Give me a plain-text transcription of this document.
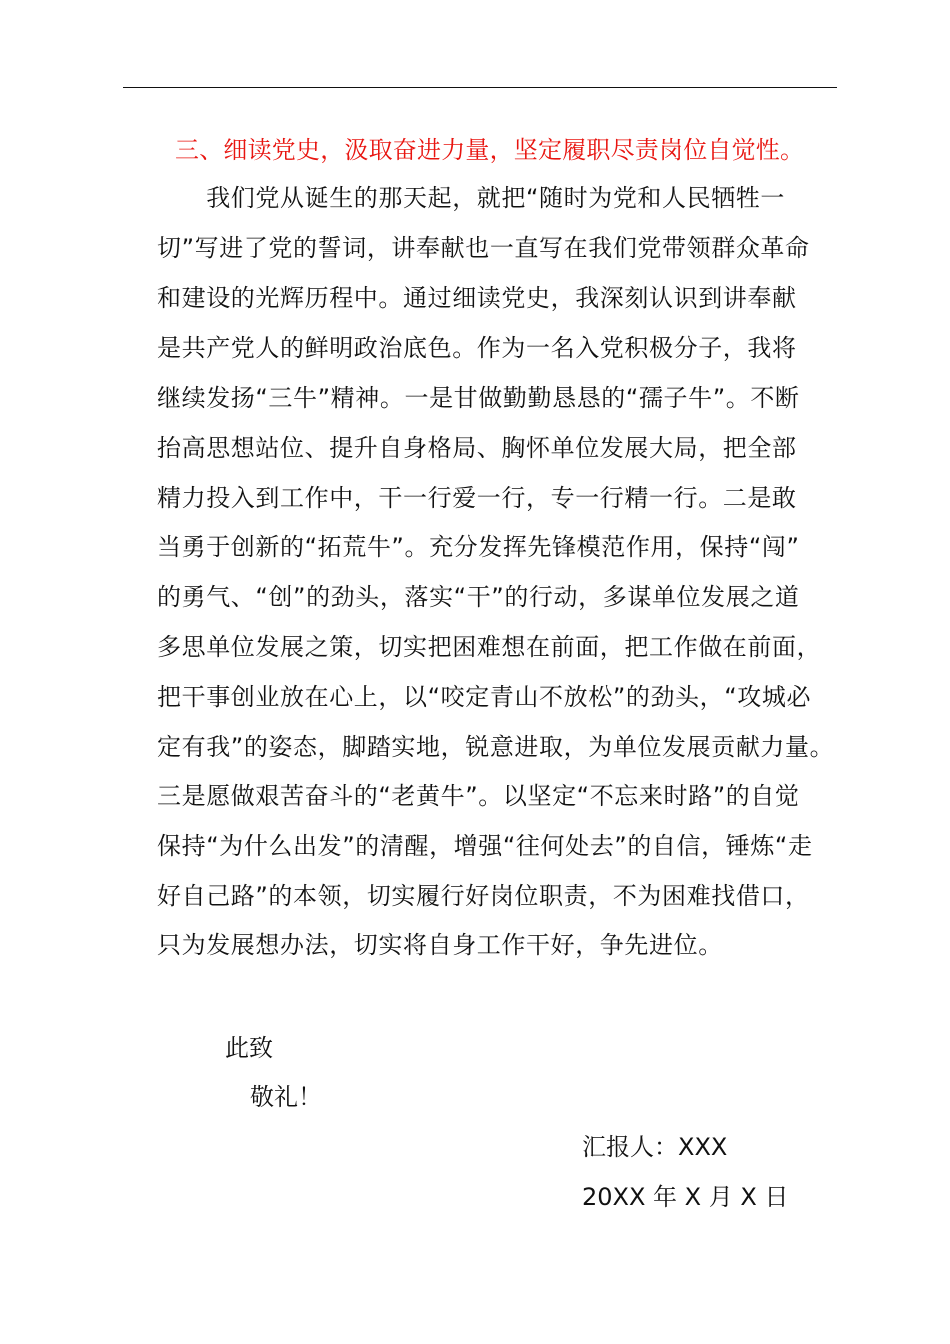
三、细读党史，汲取奋进力量，坚定履职尽责岗位自觉性。
　　我们党从诞生的那天起，就把“随时为党和人民牺牲一
切”写进了党的誓词，讲奉献也一直写在我们党带领群众革命
和建设的光辉历程中。通过细读党史，我深刻认识到讲奉献
是共产党人的鲜明政治底色。作为一名入党积极分子，我将
继续发扬“三牛”精神。一是甘做勤勤恳恳的“孺子牛”。不断
抬高思想站位、提升自身格局、胸怀单位发展大局，把全部
精力投入到工作中，干一行爱一行，专一行精一行。二是敢
当勇于创新的“拓荒牛”。充分发挥先锋模范作用，保持“闯”
的勇气、“创”的劲头，落实“干”的行动，多谋单位发展之道
多思单位发展之策，切实把困难想在前面，把工作做在前面，
把干事创业放在心上，以“咬定青山不放松”的劲头，“攻城必
定有我”的姿态，脚踏实地，锐意进取，为单位发展贡献力量。
三是愿做艰苦奋斗的“老黄牛”。以坚定“不忘来时路”的自觉
保持“为什么出发”的清醒，增强“往何处去”的自信，锤炼“走
好自己路”的本领，切实履行好岗位职责，不为困难找借口，
只为发展想办法，切实将自身工作干好，争先进位。
此致
敬礼！
汇报人：XXX
20XX 年 X 月 X 日
